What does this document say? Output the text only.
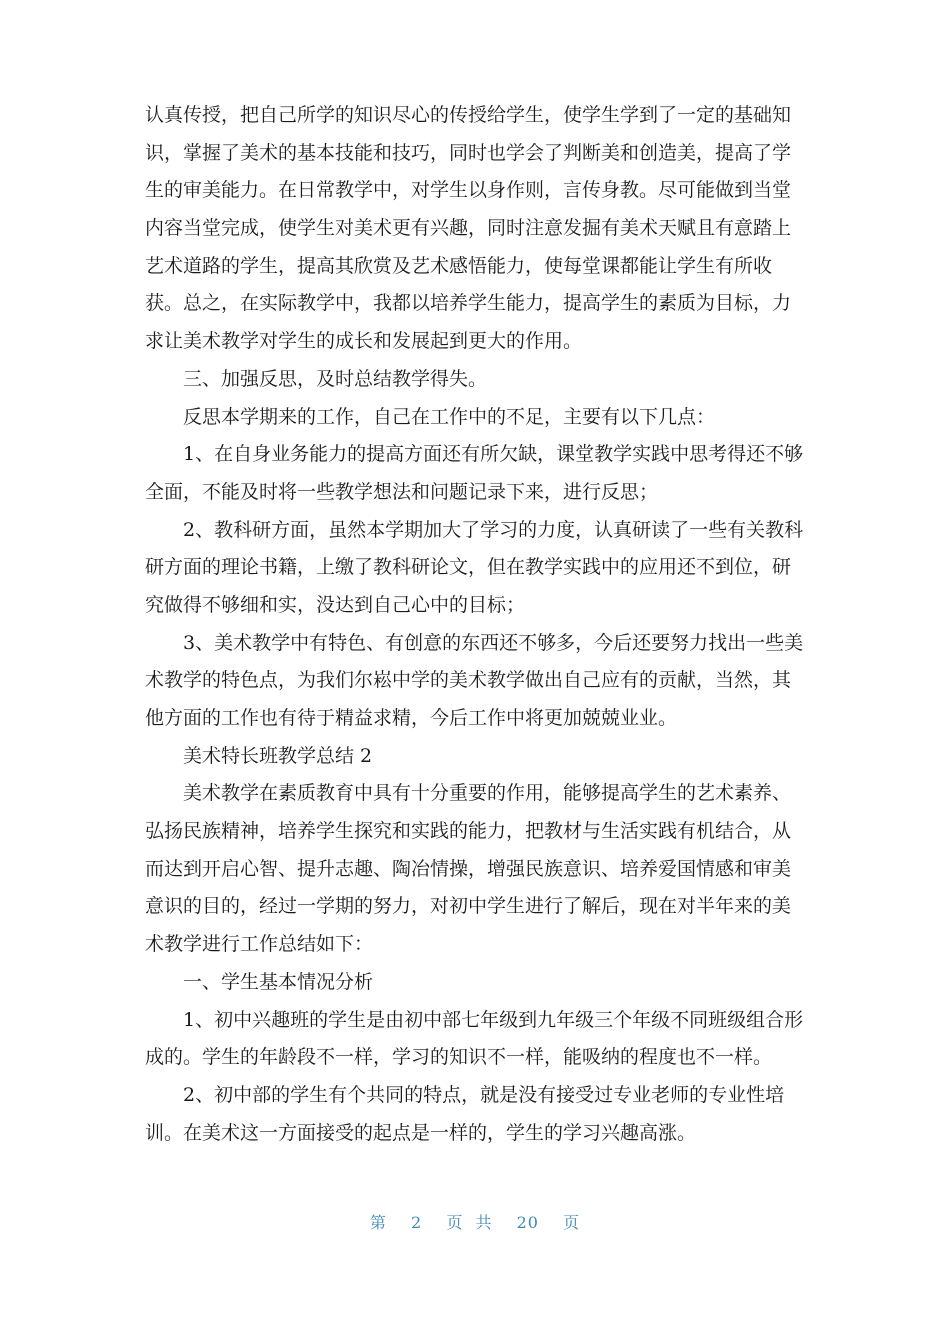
认真传授，把自己所学的知识尽心的传授给学生，使学生学到了一定的基础知
识，掌握了美术的基本技能和技巧，同时也学会了判断美和创造美，提高了学
生的审美能力。在日常教学中，对学生以身作则，言传身教。尽可能做到当堂
内容当堂完成，使学生对美术更有兴趣，同时注意发掘有美术天赋且有意踏上
艺术道路的学生，提高其欣赏及艺术感悟能力，使每堂课都能让学生有所收
获。总之，在实际教学中，我都以培养学生能力，提高学生的素质为目标，力
求让美术教学对学生的成长和发展起到更大的作用。
　　三、加强反思，及时总结教学得失。
　　反思本学期来的工作，自己在工作中的不足，主要有以下几点：
　　1、在自身业务能力的提高方面还有所欠缺，课堂教学实践中思考得还不够
全面，不能及时将一些教学想法和问题记录下来，进行反思；
　　2、教科研方面，虽然本学期加大了学习的力度，认真研读了一些有关教科
研方面的理论书籍，上缴了教科研论文，但在教学实践中的应用还不到位，研
究做得不够细和实，没达到自己心中的目标；
　　3、美术教学中有特色、有创意的东西还不够多，今后还要努力找出一些美
术教学的特色点，为我们尔崧中学的美术教学做出自己应有的贡献，当然，其
他方面的工作也有待于精益求精，今后工作中将更加兢兢业业。
　　美术特长班教学总结 2
　　美术教学在素质教育中具有十分重要的作用，能够提高学生的艺术素养、
弘扬民族精神，培养学生探究和实践的能力，把教材与生活实践有机结合，从
而达到开启心智、提升志趣、陶冶情操，增强民族意识、培养爱国情感和审美
意识的目的，经过一学期的努力，对初中学生进行了解后，现在对半年来的美
术教学进行工作总结如下：
　　一、学生基本情况分析
　　1、初中兴趣班的学生是由初中部七年级到九年级三个年级不同班级组合形
成的。学生的年龄段不一样，学习的知识不一样，能吸纳的程度也不一样。
　　2、初中部的学生有个共同的特点，就是没有接受过专业老师的专业性培
训。在美术这一方面接受的起点是一样的，学生的学习兴趣高涨。
第  2  页 共  20  页
